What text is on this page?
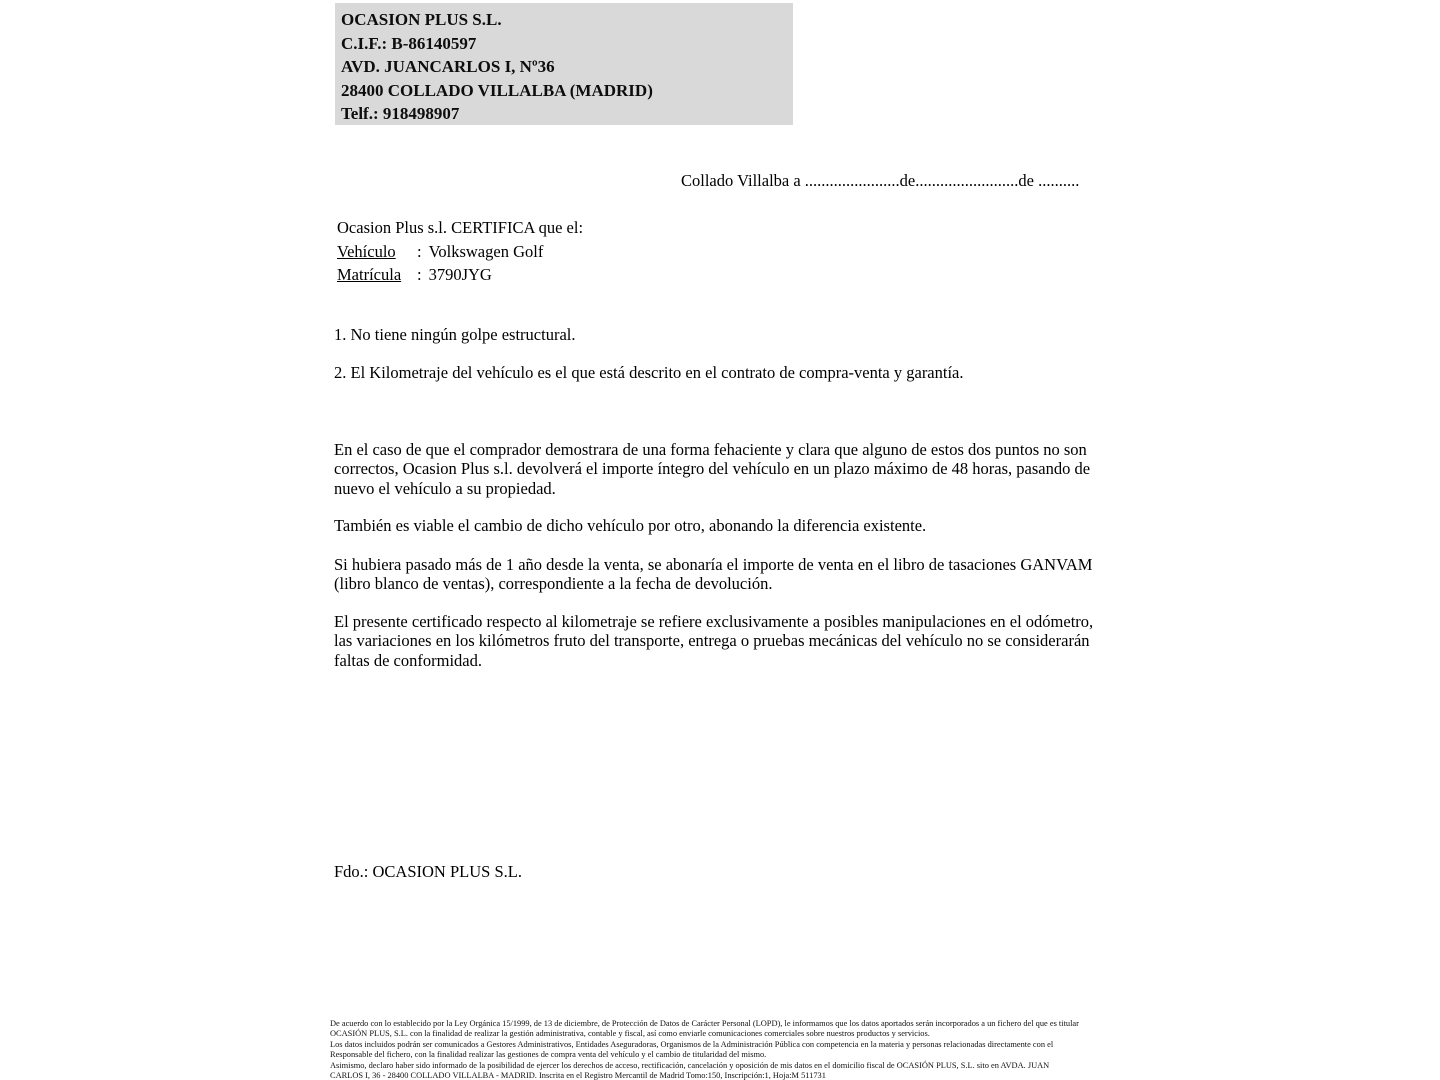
OCASION PLUS S.L.
C.I.F.: B-86140597
AVD. JUANCARLOS I, Nº36
28400 COLLADO VILLALBA (MADRID)
Telf.: 918498907
Collado Villalba a .......................de.........................de ..........
Ocasion Plus s.l. CERTIFICA que el:
Vehículo : Volkswagen Golf
Matrícula : 3790JYG
1. No tiene ningún golpe estructural.
2. El Kilometraje del vehículo es el que está descrito en el contrato de compra-venta y garantía.
En el caso de que el comprador demostrara de una forma fehaciente y clara que alguno de estos dos puntos no son correctos, Ocasion Plus s.l. devolverá el importe íntegro del vehículo en un plazo máximo de 48 horas, pasando de nuevo el vehículo a su propiedad.
También es viable el cambio de dicho vehículo por otro, abonando la diferencia existente.
Si hubiera pasado más de 1 año desde la venta, se abonaría el importe de venta en el libro de tasaciones GANVAM (libro blanco de ventas), correspondiente a la fecha de devolución.
El presente certificado respecto al kilometraje se refiere exclusivamente a posibles manipulaciones en el odómetro, las variaciones en los kilómetros fruto del transporte, entrega o pruebas mecánicas del vehículo no se considerarán faltas de conformidad.
Fdo.: OCASION PLUS S.L.
De acuerdo con lo establecido por la Ley Orgánica 15/1999, de 13 de diciembre, de Protección de Datos de Carácter Personal (LOPD), le informamos que los datos aportados serán incorporados a un fichero del que es titular
OCASIÓN PLUS, S.L. con la finalidad de realizar la gestión administrativa, contable y fiscal, así como enviarle comunicaciones comerciales sobre nuestros productos y servicios.
Los datos incluidos podrán ser comunicados a Gestores Administrativos, Entidades Aseguradoras, Organismos de la Administración Pública con competencia en la materia y personas relacionadas directamente con el
Responsable del fichero, con la finalidad realizar las gestiones de compra venta del vehículo y el cambio de titularidad del mismo.
Asimismo, declaro haber sido informado de la posibilidad de ejercer los derechos de acceso, rectificación, cancelación y oposición de mis datos en el domicilio fiscal de OCASIÓN PLUS, S.L. sito en AVDA. JUAN
CARLOS I, 36 - 28400 COLLADO VILLALBA - MADRID. Inscrita en el Registro Mercantil de Madrid Tomo:150, Inscripción:1, Hoja:M 511731
